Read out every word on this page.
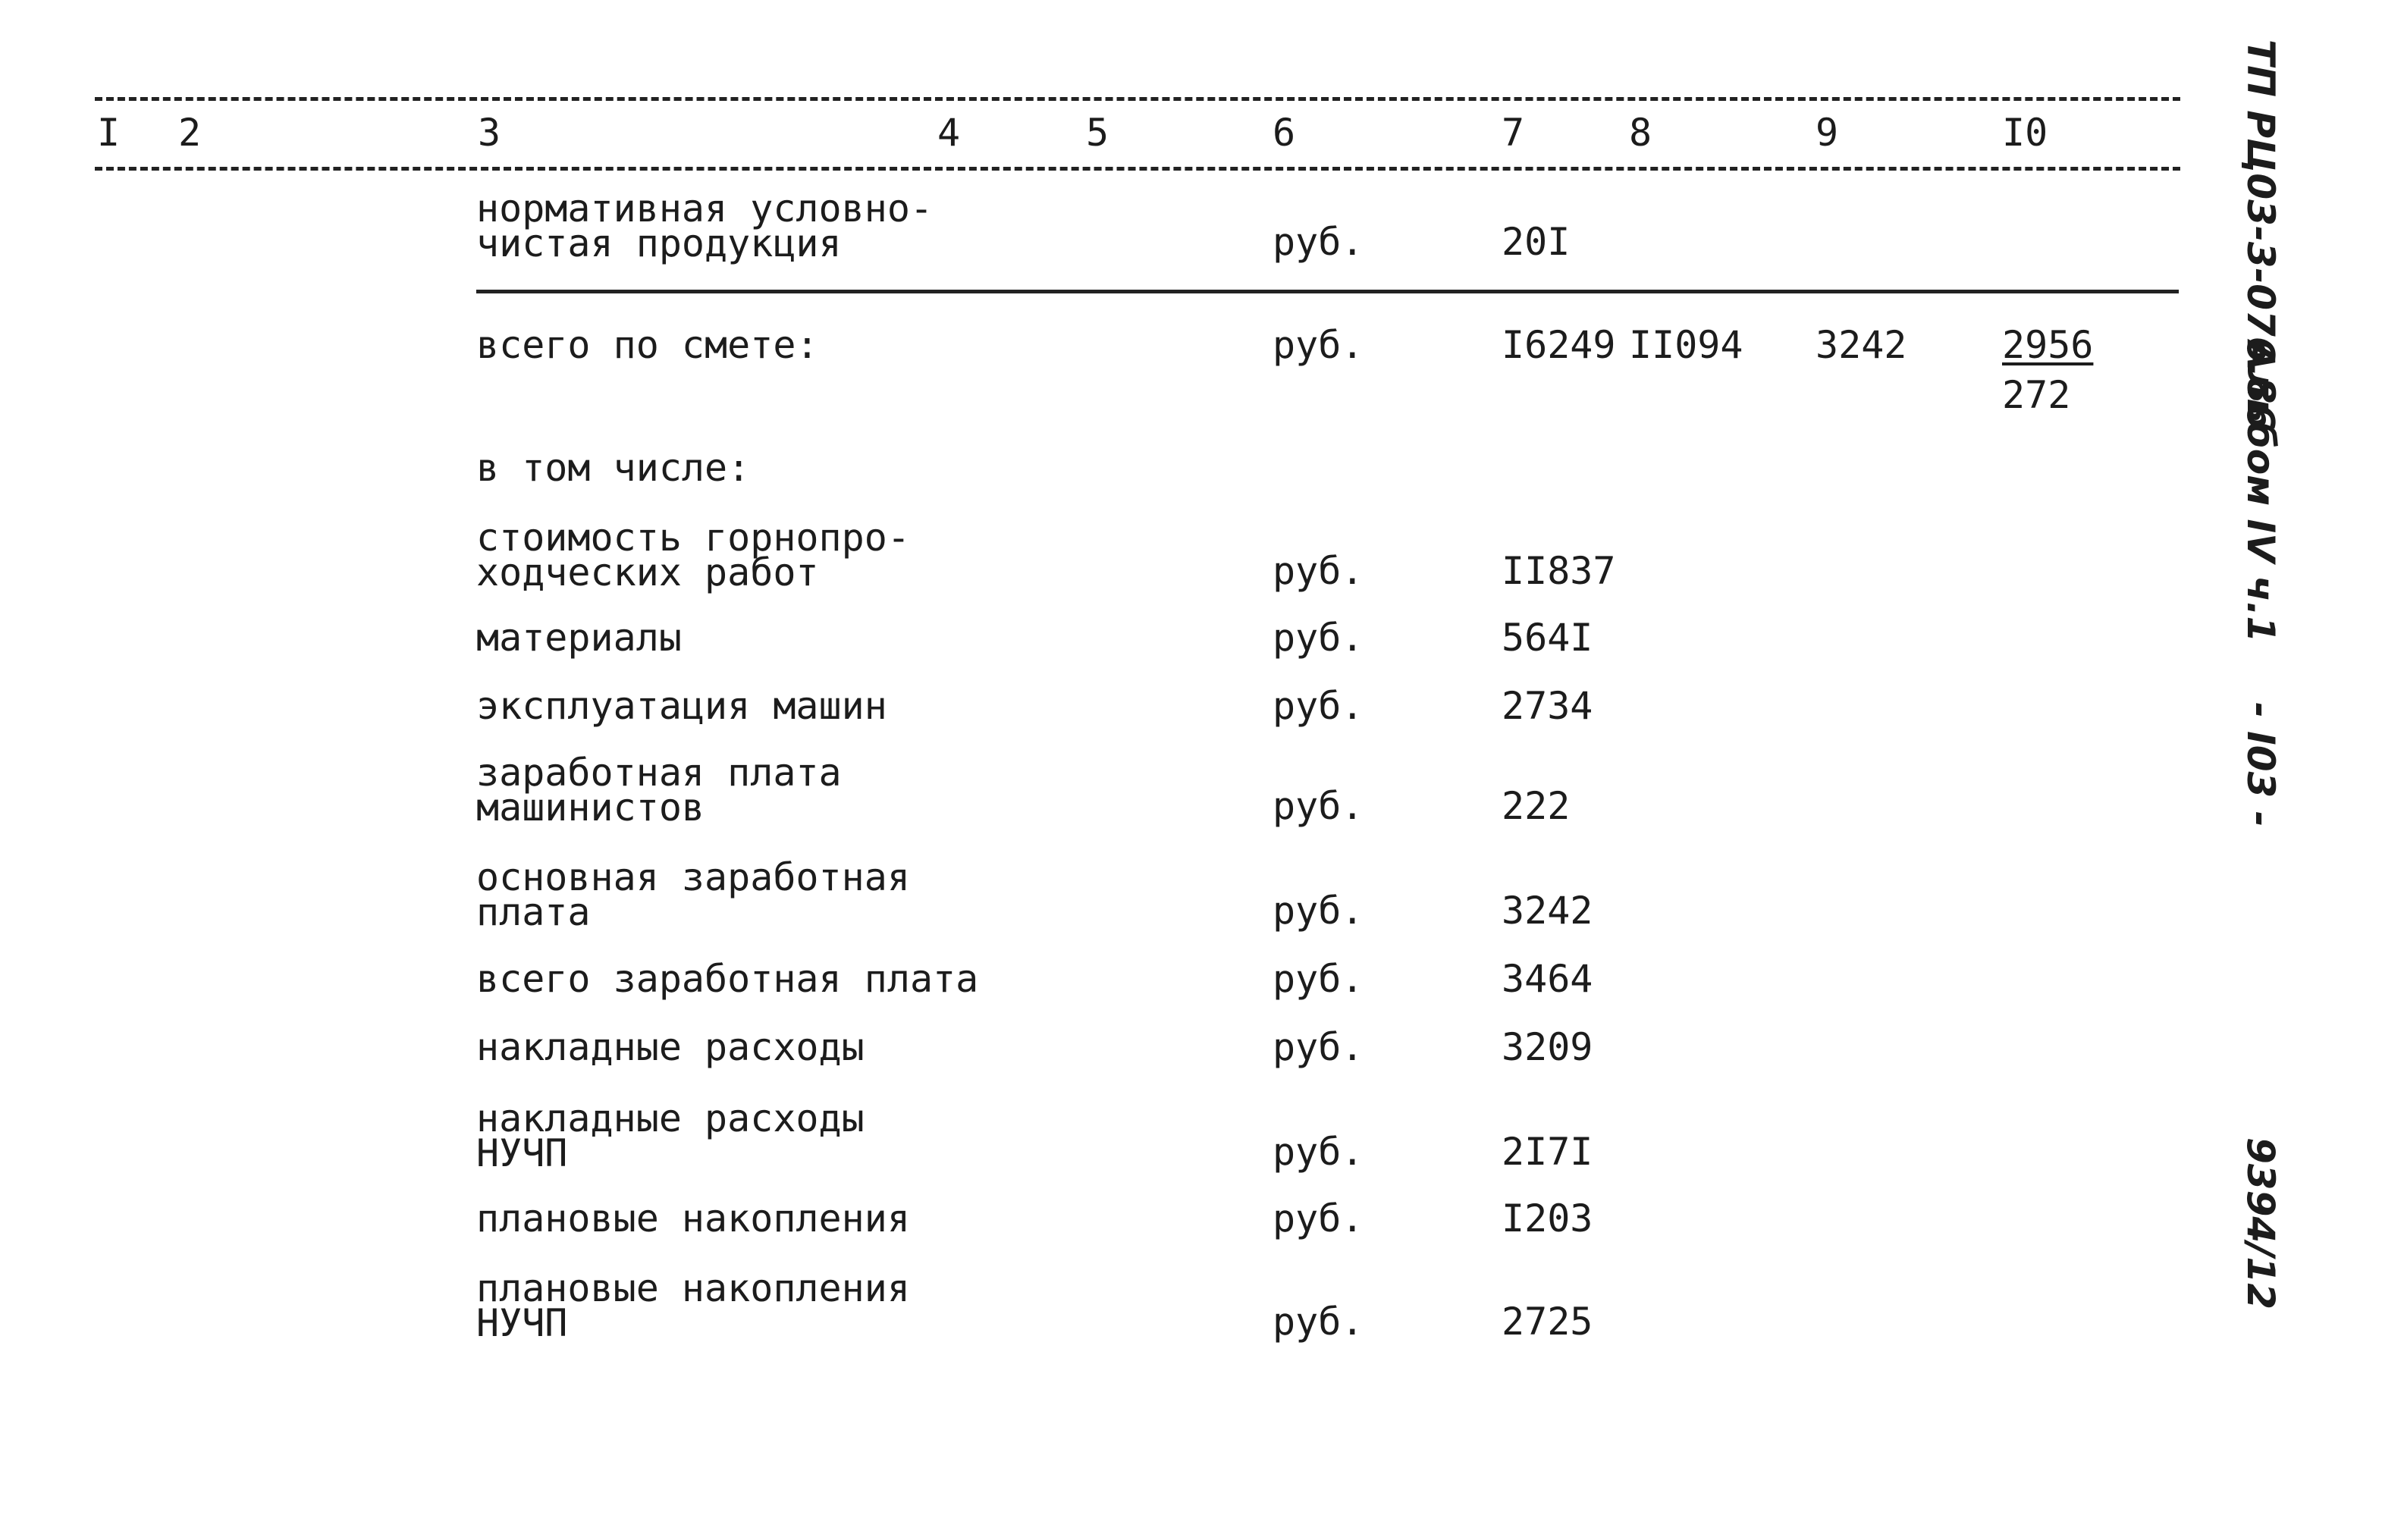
I 2	3	4	5	6	7	8	9	I0
нормативная условно-
чистая продукция	руб.	20I
всего по смете:	руб.	I6249 II094 3242	2956
272
в том числе:
стоимость горнопро-
ходческих работ	руб.	II837
материалы	руб.	564I
эксплуатация машин	руб.	2734
заработная плата
машинистов	руб.	222
основная заработная
плата	руб.	3242
всего заработная плата	руб.	3464
накладные расходы	руб.	3209
накладные расходы
НУЧП	руб.	2I7I
плановые накопления	руб.	I203
плановые накопления
НУЧП	руб.	2725
ТП РЦ03-3-076.86
Альбом IV ч.1
- I03 -
9394/12
